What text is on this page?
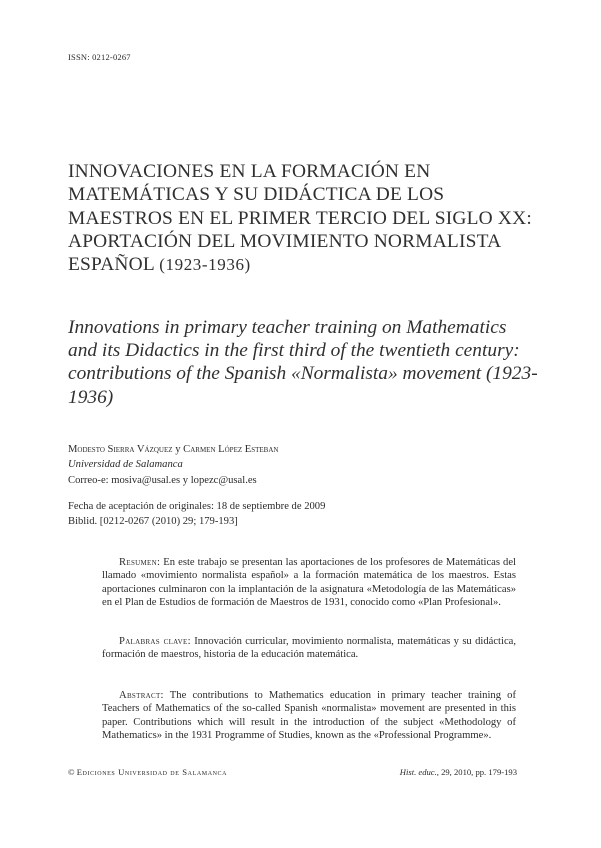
ISSN: 0212-0267
INNOVACIONES EN LA FORMACIÓN EN MATEMÁTICAS Y SU DIDÁCTICA DE LOS MAESTROS EN EL PRIMER TERCIO DEL SIGLO XX: APORTACIÓN DEL MOVIMIENTO NORMALISTA ESPAÑOL (1923-1936)
Innovations in primary teacher training on Mathematics and its Didactics in the first third of the twentieth century: contributions of the Spanish «Normalista» movement (1923-1936)
Modesto Sierra Vázquez y Carmen López Esteban
Universidad de Salamanca
Correo-e: mosiva@usal.es y lopezc@usal.es
Fecha de aceptación de originales: 18 de septiembre de 2009
Biblid. [0212-0267 (2010) 29; 179-193]

Resumen: En este trabajo se presentan las aportaciones de los profesores de Matemáticas del llamado «movimiento normalista español» a la formación matemática de los maestros. Estas aportaciones culminaron con la implantación de la asignatura «Metodología de las Matemáticas» en el Plan de Estudios de formación de Maestros de 1931, conocido como «Plan Profesional».

Palabras clave: Innovación curricular, movimiento normalista, matemáticas y su didáctica, formación de maestros, historia de la educación matemática.

Abstract: The contributions to Mathematics education in primary teacher training of Teachers of Mathematics of the so-called Spanish «normalista» movement are presented in this paper. Contributions which will result in the introduction of the subject «Methodology of Mathematics» in the 1931 Programme of Studies, known as the «Professional Programme».

© Ediciones Universidad de Salamanca	Hist. educ., 29, 2010, pp. 179-193
